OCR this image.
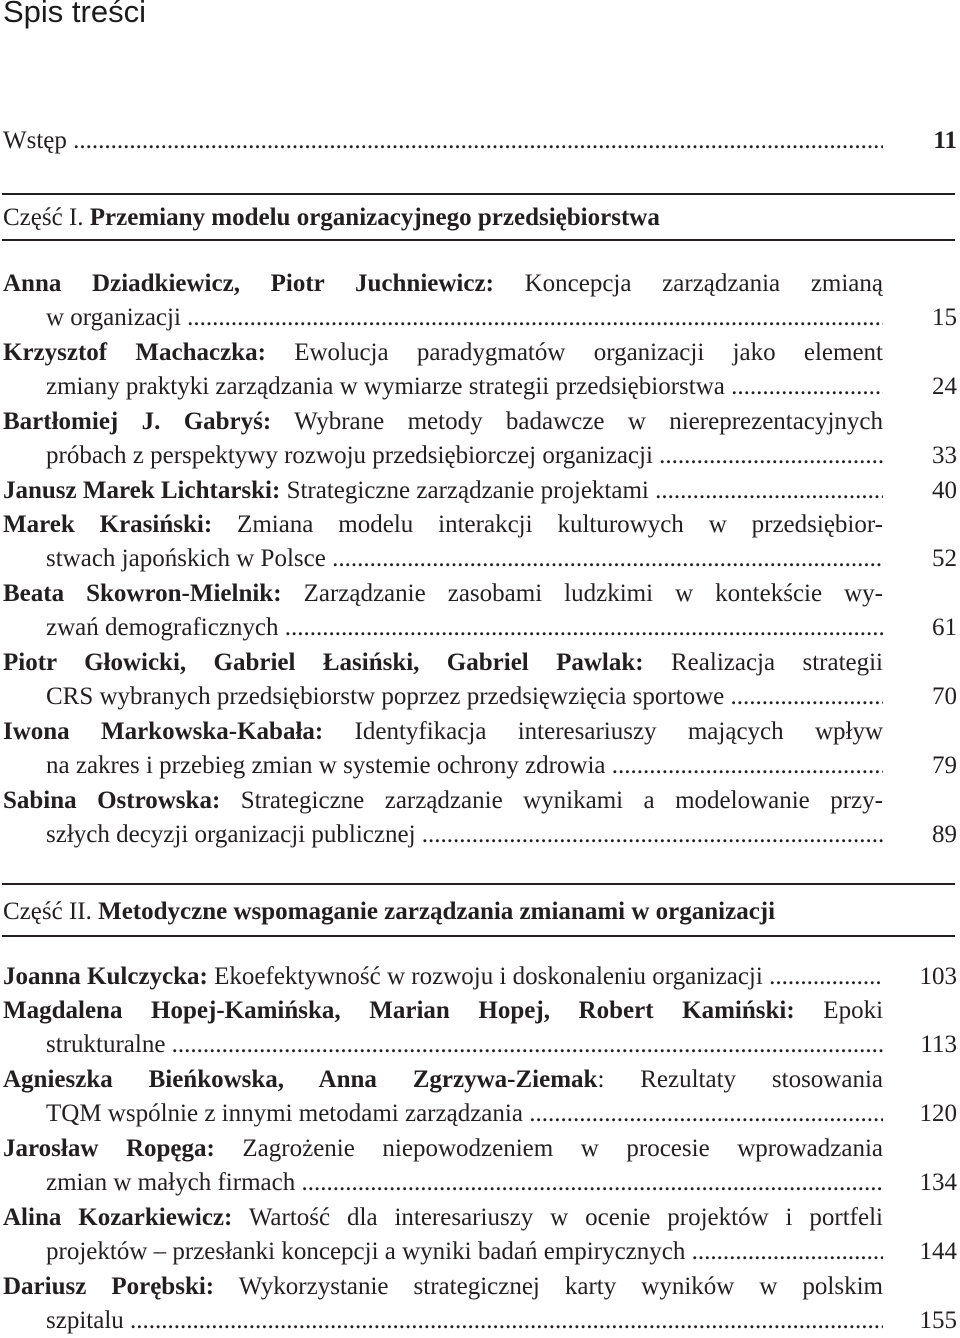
Spis treści
Wstęp .....	11
Część I. Przemiany modelu organizacyjnego przedsiębiorstwa
Anna Dziadkiewicz, Piotr Juchniewicz: Koncepcja zarządzania zmianą
w organizacji .....	15
Krzysztof Machaczka: Ewolucja paradygmatów organizacji jako element
zmiany praktyki zarządzania w wymiarze strategii przedsiębiorstwa .....	24
Bartłomiej J. Gabryś: Wybrane metody badawcze w niereprezentacyjnych
próbach z perspektywy rozwoju przedsiębiorczej organizacji .....	33
Janusz Marek Lichtarski: Strategiczne zarządzanie projektami .....	40
Marek Krasiński: Zmiana modelu interakcji kulturowych w przedsiębior-
stwach japońskich w Polsce .....	52
Beata Skowron-Mielnik: Zarządzanie zasobami ludzkimi w kontekście wy-
zwań demograficznych .....	61
Piotr Głowicki, Gabriel Łasiński, Gabriel Pawlak: Realizacja strategii
CRS wybranych przedsiębiorstw poprzez przedsięwzięcia sportowe .....	70
Iwona Markowska-Kabała: Identyfikacja interesariuszy mających wpływ
na zakres i przebieg zmian w systemie ochrony zdrowia .....	79
Sabina Ostrowska: Strategiczne zarządzanie wynikami a modelowanie przy-
szłych decyzji organizacji publicznej .....	89
Część II. Metodyczne wspomaganie zarządzania zmianami w organizacji
Joanna Kulczycka: Ekoefektywność w rozwoju i doskonaleniu organizacji .....	103
Magdalena Hopej-Kamińska, Marian Hopej, Robert Kamiński: Epoki
strukturalne .....	113
Agnieszka Bieńkowska, Anna Zgrzywa-Ziemak: Rezultaty stosowania
TQM wspólnie z innymi metodami zarządzania .....	120
Jarosław Ropęga: Zagrożenie niepowodzeniem w procesie wprowadzania
zmian w małych firmach .....	134
Alina Kozarkiewicz: Wartość dla interesariuszy w ocenie projektów i portfeli
projektów – przesłanki koncepcji a wyniki badań empirycznych .....	144
Dariusz Porębski: Wykorzystanie strategicznej karty wyników w polskim
szpitalu .....	155
